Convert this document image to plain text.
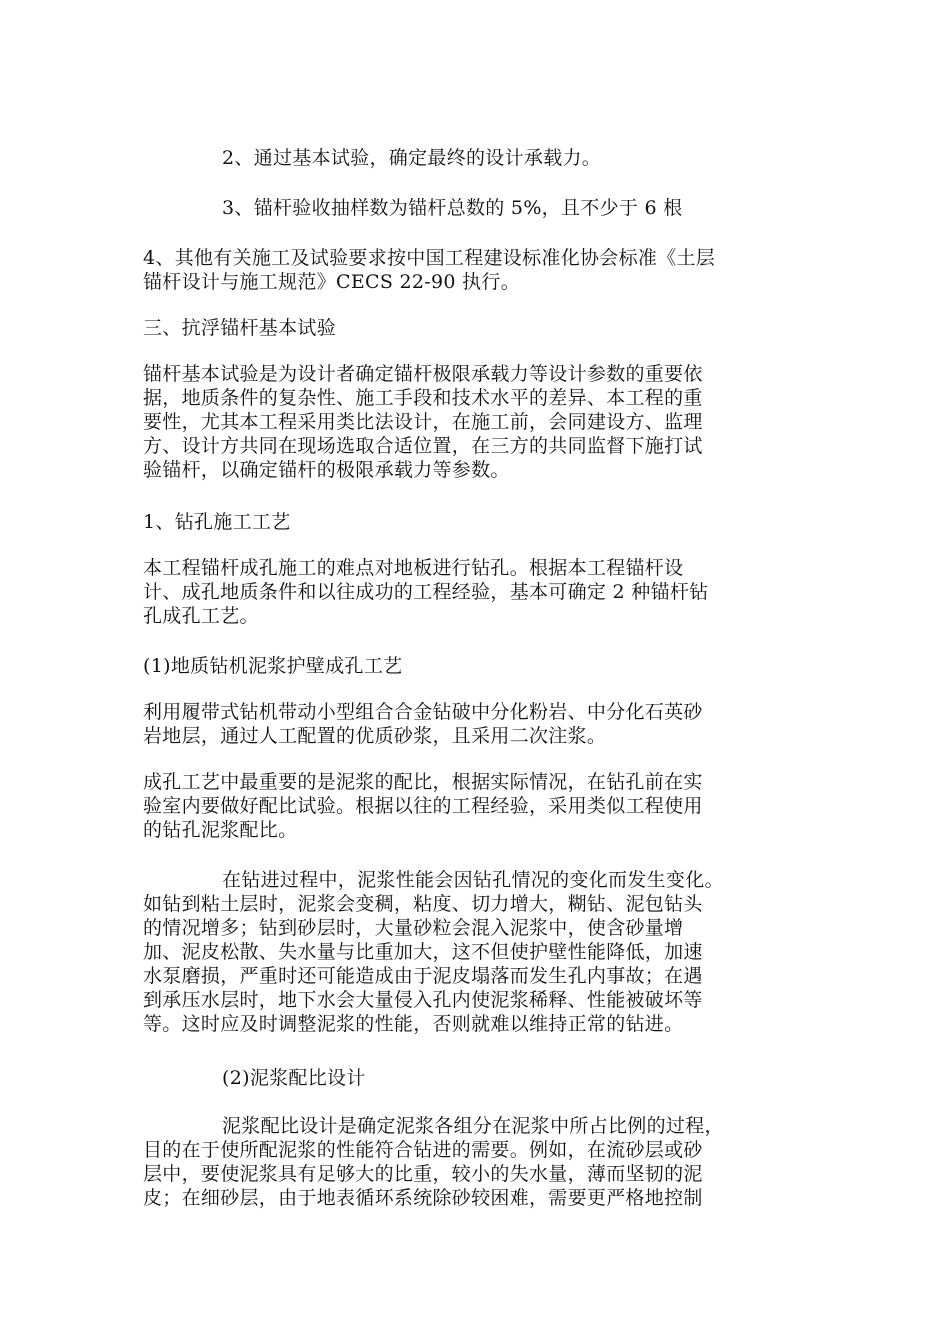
2、通过基本试验，确定最终的设计承载力。

3、锚杆验收抽样数为锚杆总数的 5%，且不少于 6 根

4、其他有关施工及试验要求按中国工程建设标准化协会标准《土层
锚杆设计与施工规范》CECS 22-90 执行。

三、抗浮锚杆基本试验

锚杆基本试验是为设计者确定锚杆极限承载力等设计参数的重要依
据，地质条件的复杂性、施工手段和技术水平的差异、本工程的重
要性，尤其本工程采用类比法设计，在施工前，会同建设方、监理
方、设计方共同在现场选取合适位置，在三方的共同监督下施打试
验锚杆，以确定锚杆的极限承载力等参数。

1、钻孔施工工艺

本工程锚杆成孔施工的难点对地板进行钻孔。根据本工程锚杆设
计、成孔地质条件和以往成功的工程经验，基本可确定 2 种锚杆钻
孔成孔工艺。

(1)地质钻机泥浆护壁成孔工艺

利用履带式钻机带动小型组合合金钻破中分化粉岩、中分化石英砂
岩地层，通过人工配置的优质砂浆，且采用二次注浆。

成孔工艺中最重要的是泥浆的配比，根据实际情况，在钻孔前在实
验室内要做好配比试验。根据以往的工程经验，采用类似工程使用
的钻孔泥浆配比。

在钻进过程中，泥浆性能会因钻孔情况的变化而发生变化。
如钻到粘土层时，泥浆会变稠，粘度、切力增大，糊钻、泥包钻头
的情况增多；钻到砂层时，大量砂粒会混入泥浆中，使含砂量增
加、泥皮松散、失水量与比重加大，这不但使护壁性能降低，加速
水泵磨损，严重时还可能造成由于泥皮塌落而发生孔内事故；在遇
到承压水层时，地下水会大量侵入孔内使泥浆稀释、性能被破坏等
等。这时应及时调整泥浆的性能，否则就难以维持正常的钻进。

(2)泥浆配比设计

泥浆配比设计是确定泥浆各组分在泥浆中所占比例的过程，
目的在于使所配泥浆的性能符合钻进的需要。例如，在流砂层或砂
层中，要使泥浆具有足够大的比重，较小的失水量，薄而坚韧的泥
皮；在细砂层，由于地表循环系统除砂较困难，需要更严格地控制
